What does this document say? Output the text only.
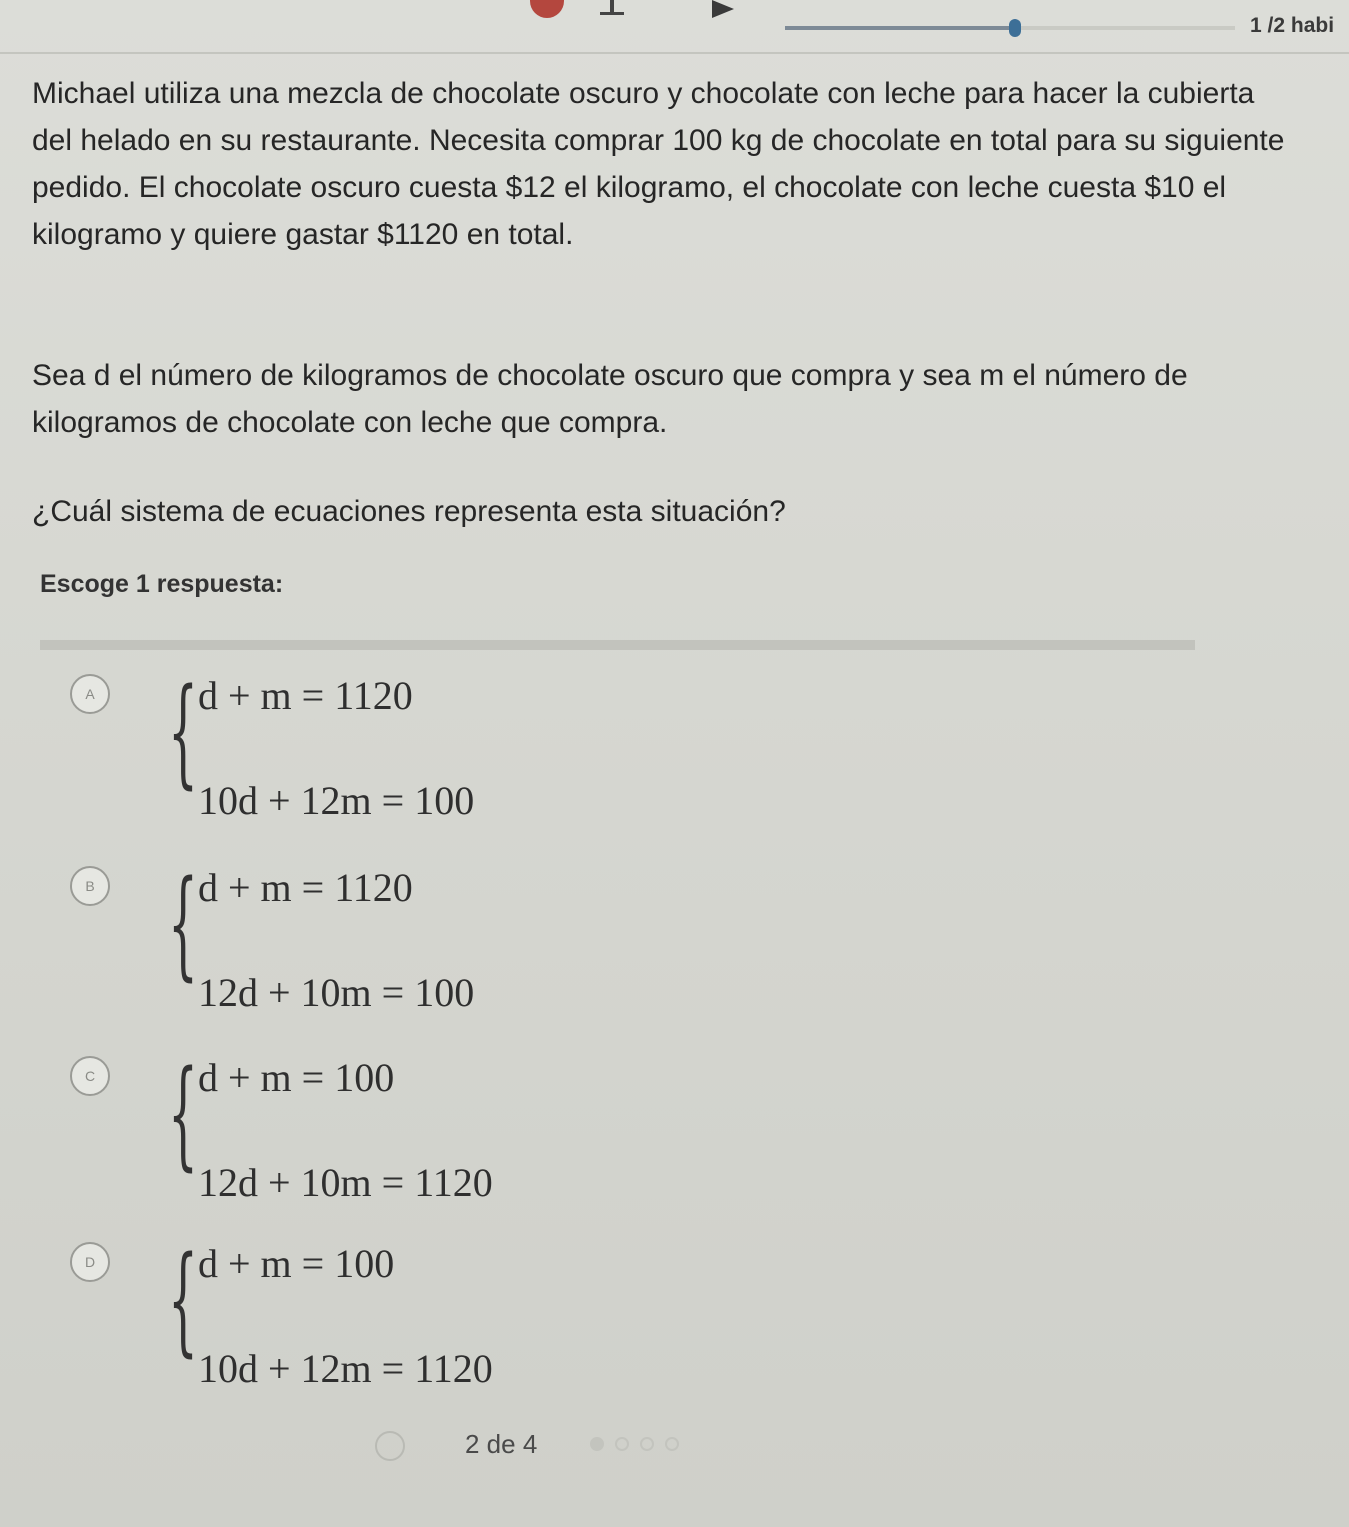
1 /2 habi
Michael utiliza una mezcla de chocolate oscuro y chocolate con leche para hacer la cubierta del helado en su restaurante. Necesita comprar 100 kg de chocolate en total para su siguiente pedido. El chocolate oscuro cuesta $12 el kilogramo, el chocolate con leche cuesta $10 el kilogramo y quiere gastar $1120 en total.
Sea d el número de kilogramos de chocolate oscuro que compra y sea m el número de kilogramos de chocolate con leche que compra.
¿Cuál sistema de ecuaciones representa esta situación?
Escoge 1 respuesta:
A { d + m = 1120
10d + 12m = 100
B { d + m = 1120
12d + 10m = 100
C { d + m = 100
12d + 10m = 1120
D { d + m = 100
10d + 12m = 1120
2 de 4
